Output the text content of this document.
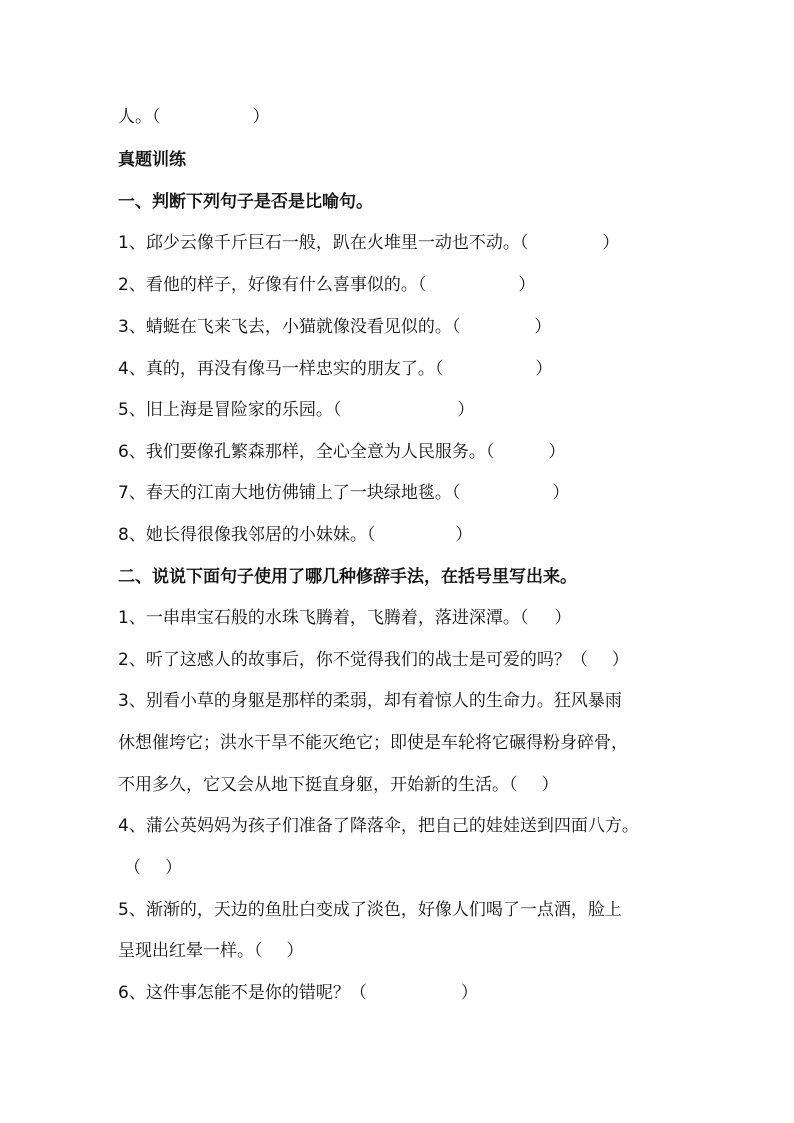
人。（	）
真题训练
一、判断下列句子是否是比喻句。
1、邱少云像千斤巨石一般，趴在火堆里一动也不动。（	）
2、看他的样子，好像有什么喜事似的。（	）
3、蜻蜓在飞来飞去，小猫就像没看见似的。（	）
4、真的，再没有像马一样忠实的朋友了。（	）
5、旧上海是冒险家的乐园。（	）
6、我们要像孔繁森那样，全心全意为人民服务。（	）
7、春天的江南大地仿佛铺上了一块绿地毯。（	）
8、她长得很像我邻居的小妹妹。（	）
二、说说下面句子使用了哪几种修辞手法，在括号里写出来。
1、一串串宝石般的水珠飞腾着，飞腾着，落进深潭。（ ）
2、听了这感人的故事后，你不觉得我们的战士是可爱的吗？（ ）
3、别看小草的身躯是那样的柔弱，却有着惊人的生命力。狂风暴雨
休想催垮它；洪水干旱不能灭绝它；即使是车轮将它碾得粉身碎骨，
不用多久，它又会从地下挺直身躯，开始新的生活。（ ）
4、蒲公英妈妈为孩子们准备了降落伞，把自己的娃娃送到四面八方。
（ ）
5、渐渐的，天边的鱼肚白变成了淡色，好像人们喝了一点酒，脸上
呈现出红晕一样。（ ）
6、这件事怎能不是你的错呢？（	）
